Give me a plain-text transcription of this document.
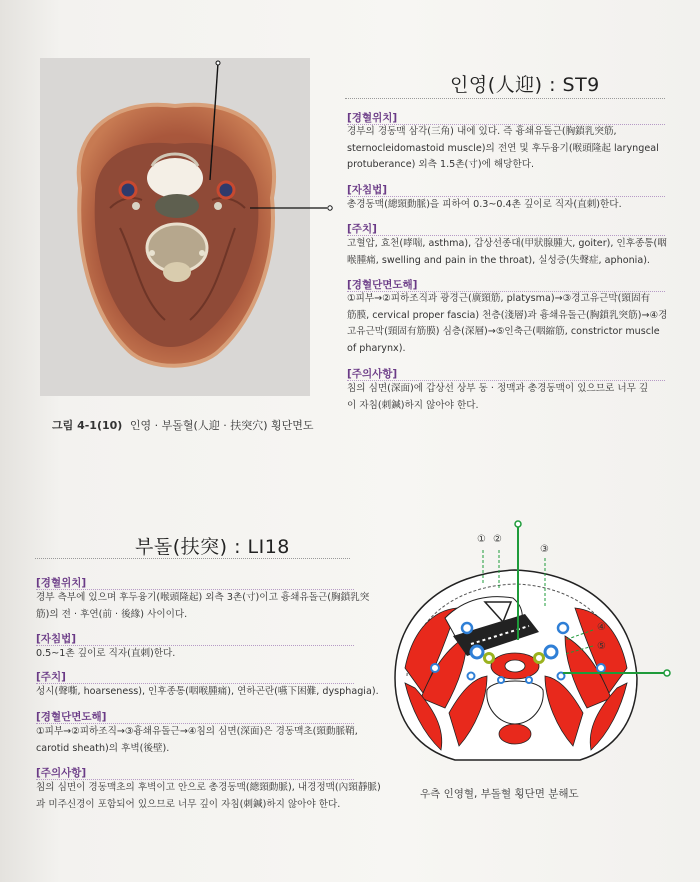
그림 4-1(10) 인영 · 부돌혈(人迎 · 扶突穴) 횡단면도
인영(人迎) : ST9
[경혈위치]
경부의 경동맥 삼각(三角) 내에 있다. 즉 흉쇄유돌근(胸鎖乳突筋,
sternocleidomastoid muscle)의 전연 및 후두융기(喉頭隆起 laryngeal
protuberance) 외측 1.5촌(寸)에 해당한다.
[자침법]
총경동맥(總頸動脈)을 피하여 0.3~0.4촌 깊이로 직자(直刺)한다.
[주치]
고혈압, 효천(哮喘, asthma), 갑상선종대(甲狀腺腫大, goiter), 인후종통(咽
喉腫痛, swelling and pain in the throat), 실성증(失聲症, aphonia).
[경혈단면도해]
①피부→②피하조직과 광경근(廣頸筋, platysma)→③경고유근막(頸固有
筋膜, cervical proper fascia) 천층(淺層)과 흉쇄유돌근(胸鎖乳突筋)→④경
고유근막(頸固有筋膜) 심층(深層)→⑤인축근(咽縮筋, constrictor muscle
of pharynx).
[주의사항]
침의 심면(深面)에 갑상선 상부 동 · 정맥과 총경동맥이 있으므로 너무 깊
이 자침(刺鍼)하지 않아야 한다.
부돌(扶突) : LI18
[경혈위치]
경부 측부에 있으며 후두융기(喉頭隆起) 외측 3촌(寸)이고 흉쇄유돌근(胸鎖乳突
筋)의 전 · 후연(前 · 後緣) 사이이다.
[자침법]
0.5~1촌 깊이로 직자(直刺)한다.
[주치]
성시(聲嘶, hoarseness), 인후종통(咽喉腫痛), 연하곤란(嚥下困難, dysphagia).
[경혈단면도해]
①피부→②피하조직→③흉쇄유돌근→④침의 심면(深面)은 경동맥초(頸動脈鞘,
carotid sheath)의 후벽(後壁).
[주의사항]
침의 심면이 경동맥초의 후벽이고 안으로 총경동맥(總頸動脈), 내경정맥(內頸靜脈)
과 미주신경이 포함되어 있으므로 너무 깊이 자침(刺鍼)하지 않아야 한다.
① ②
③
④
⑤
우측 인영혈, 부돌혈 횡단면 분해도
